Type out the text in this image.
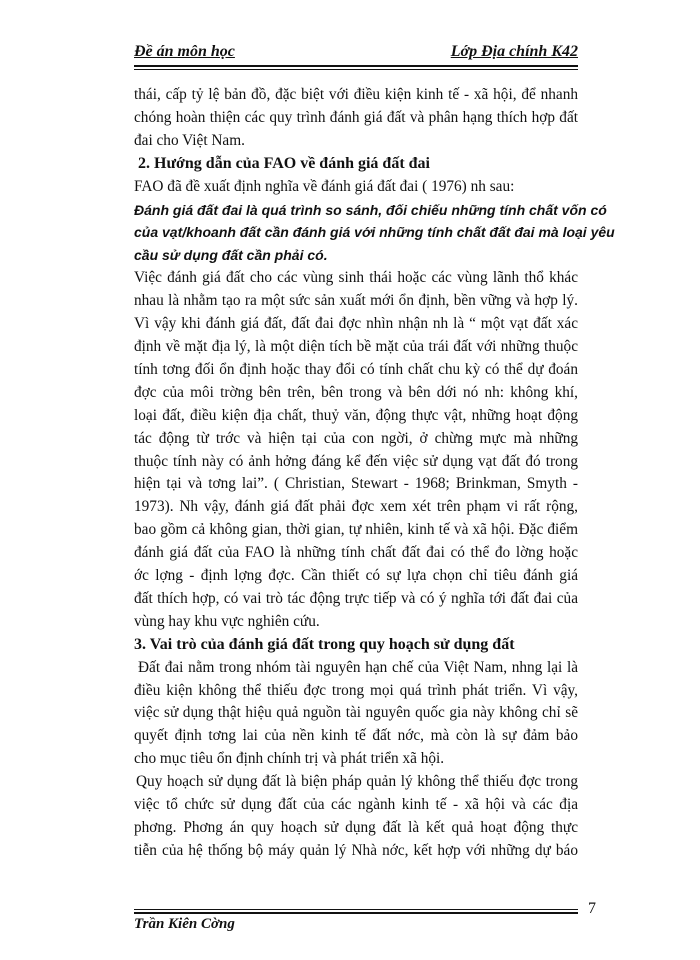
Đề án môn học	Lớp Địa chính K42

thái, cấp tỷ lệ bản đồ, đặc biệt với điều kiện kinh tế - xã hội, để nhanh

chóng hoàn thiện các quy trình đánh giá đất và phân hạng thích hợp đất

đai cho Việt Nam.

2. Hướng dẫn của FAO về đánh giá đất đai

FAO đã đề xuất định nghĩa về đánh giá đất đai ( 1976) nh sau:

Đánh giá đất đai là quá trình so sánh, đối chiếu những tính chất vốn có

của vạt/khoanh đất cần đánh giá với những tính chất đất đai mà loại yêu

cầu sử dụng đất cần phải có.

Việc đánh giá đất cho các vùng sinh thái hoặc các vùng lãnh thổ khác

nhau là nhằm tạo ra một sức sản xuất mới ổn định, bền vững và hợp lý.

Vì vậy khi đánh giá đất, đất đai đợc nhìn nhận nh là “ một vạt đất xác

định về mặt địa lý, là một diện tích bề mặt của trái đất với những thuộc

tính tơng đối ổn định hoặc thay đổi có tính chất chu kỳ có thể dự đoán

đợc của môi trờng bên trên, bên trong và bên dới nó nh: không khí,

loại đất, điều kiện địa chất, thuỷ văn, động thực vật, những hoạt động

tác động từ trớc và hiện tại của con ngời, ở chừng mực mà những

thuộc tính này có ảnh hởng đáng kể đến việc sử dụng vạt đất đó trong

hiện tại và tơng lai”. ( Christian, Stewart - 1968; Brinkman, Smyth -

1973). Nh vậy, đánh giá đất phải đợc xem xét trên phạm vi rất rộng,

bao gồm cả không gian, thời gian, tự nhiên, kinh tế và xã hội. Đặc điểm

đánh giá đất của FAO là những tính chất đất đai có thể đo lờng hoặc

ớc lợng - định lợng đợc. Cần thiết có sự lựa chọn chỉ tiêu đánh giá

đất thích hợp, có vai trò tác động trực tiếp và có ý nghĩa tới đất đai của

vùng hay khu vực nghiên cứu.

3. Vai trò của đánh giá đất trong quy hoạch sử dụng đất

Đất đai nằm trong nhóm tài nguyên hạn chế của Việt Nam, nhng lại là

điều kiện không thể thiếu đợc trong mọi quá trình phát triển. Vì vậy,

việc sử dụng thật hiệu quả nguồn tài nguyên quốc gia này không chỉ sẽ

quyết định tơng lai của nền kinh tế đất nớc, mà còn là sự đảm bảo

cho mục tiêu ổn định chính trị và phát triển xã hội.

Quy hoạch sử dụng đất là biện pháp quản lý không thể thiếu đợc trong

việc tổ chức sử dụng đất của các ngành kinh tế - xã hội và các địa

phơng. Phơng án quy hoạch sử dụng đất là kết quả hoạt động thực

tiễn của hệ thống bộ máy quản lý Nhà nớc, kết hợp với những dự báo

Trần Kiên Cờng
7
